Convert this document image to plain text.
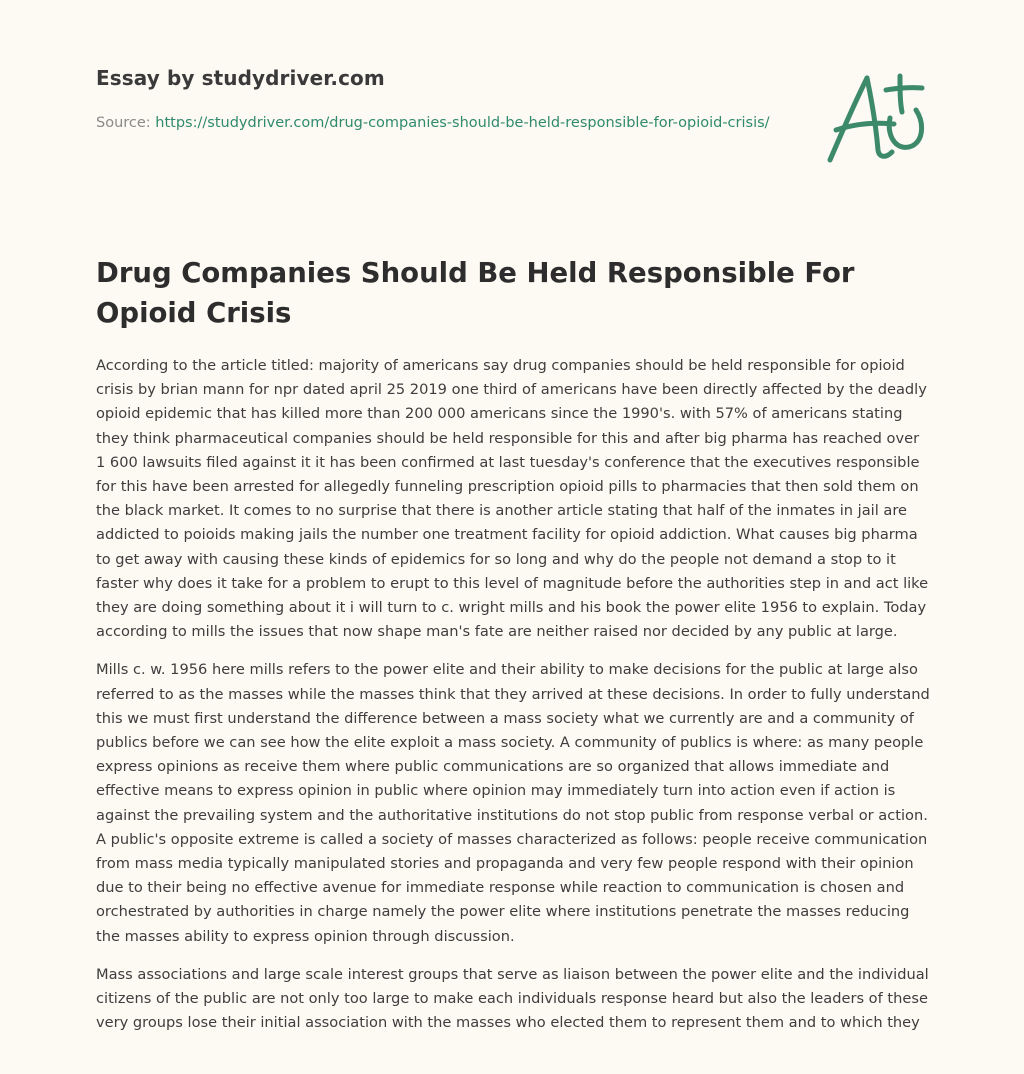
Essay by studydriver.com
Source: https://studydriver.com/drug-companies-should-be-held-responsible-for-opioid-crisis/
Drug Companies Should Be Held Responsible For Opioid Crisis

According to the article titled: majority of americans say drug companies should be held responsible for opioid crisis by brian mann for npr dated april 25 2019 one third of americans have been directly affected by the deadly opioid epidemic that has killed more than 200 000 americans since the 1990's. with 57% of americans stating they think pharmaceutical companies should be held responsible for this and after big pharma has reached over 1 600 lawsuits filed against it it has been confirmed at last tuesday's conference that the executives responsible for this have been arrested for allegedly funneling prescription opioid pills to pharmacies that then sold them on the black market. It comes to no surprise that there is another article stating that half of the inmates in jail are addicted to poioids making jails the number one treatment facility for opioid addiction. What causes big pharma to get away with causing these kinds of epidemics for so long and why do the people not demand a stop to it faster why does it take for a problem to erupt to this level of magnitude before the authorities step in and act like they are doing something about it i will turn to c. wright mills and his book the power elite 1956 to explain. Today according to mills the issues that now shape man's fate are neither raised nor decided by any public at large.

Mills c. w. 1956 here mills refers to the power elite and their ability to make decisions for the public at large also referred to as the masses while the masses think that they arrived at these decisions. In order to fully understand this we must first understand the difference between a mass society what we currently are and a community of publics before we can see how the elite exploit a mass society. A community of publics is where: as many people express opinions as receive them where public communications are so organized that allows immediate and effective means to express opinion in public where opinion may immediately turn into action even if action is against the prevailing system and the authoritative institutions do not stop public from response verbal or action. A public's opposite extreme is called a society of masses characterized as follows: people receive communication from mass media typically manipulated stories and propaganda and very few people respond with their opinion due to their being no effective avenue for immediate response while reaction to communication is chosen and orchestrated by authorities in charge namely the power elite where institutions penetrate the masses reducing the masses ability to express opinion through discussion.

Mass associations and large scale interest groups that serve as liaison between the power elite and the individual citizens of the public are not only too large to make each individuals response heard but also the leaders of these very groups lose their initial association with the masses who elected them to represent them and to which they
